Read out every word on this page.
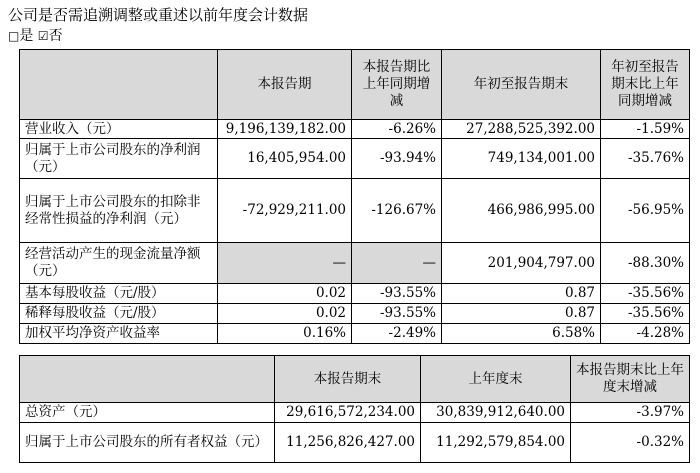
公司是否需追溯调整或重述以前年度会计数据
□是 ☑否
	本报告期	本报告期比上年同期增减	年初至报告期末	年初至报告期末比上年同期增减
营业收入（元）	9,196,139,182.00	-6.26%	27,288,525,392.00	-1.59%
归属于上市公司股东的净利润（元）	16,405,954.00	-93.94%	749,134,001.00	-35.76%
归属于上市公司股东的扣除非经常性损益的净利润（元）	-72,929,211.00	-126.67%	466,986,995.00	-56.95%
经营活动产生的现金流量净额（元）	—	—	201,904,797.00	-88.30%
基本每股收益（元/股）	0.02	-93.55%	0.87	-35.56%
稀释每股收益（元/股）	0.02	-93.55%	0.87	-35.56%
加权平均净资产收益率	0.16%	-2.49%	6.58%	-4.28%
	本报告期末	上年度末	本报告期末比上年度末增减
总资产（元）	29,616,572,234.00	30,839,912,640.00	-3.97%
归属于上市公司股东的所有者权益（元）	11,256,826,427.00	11,292,579,854.00	-0.32%
